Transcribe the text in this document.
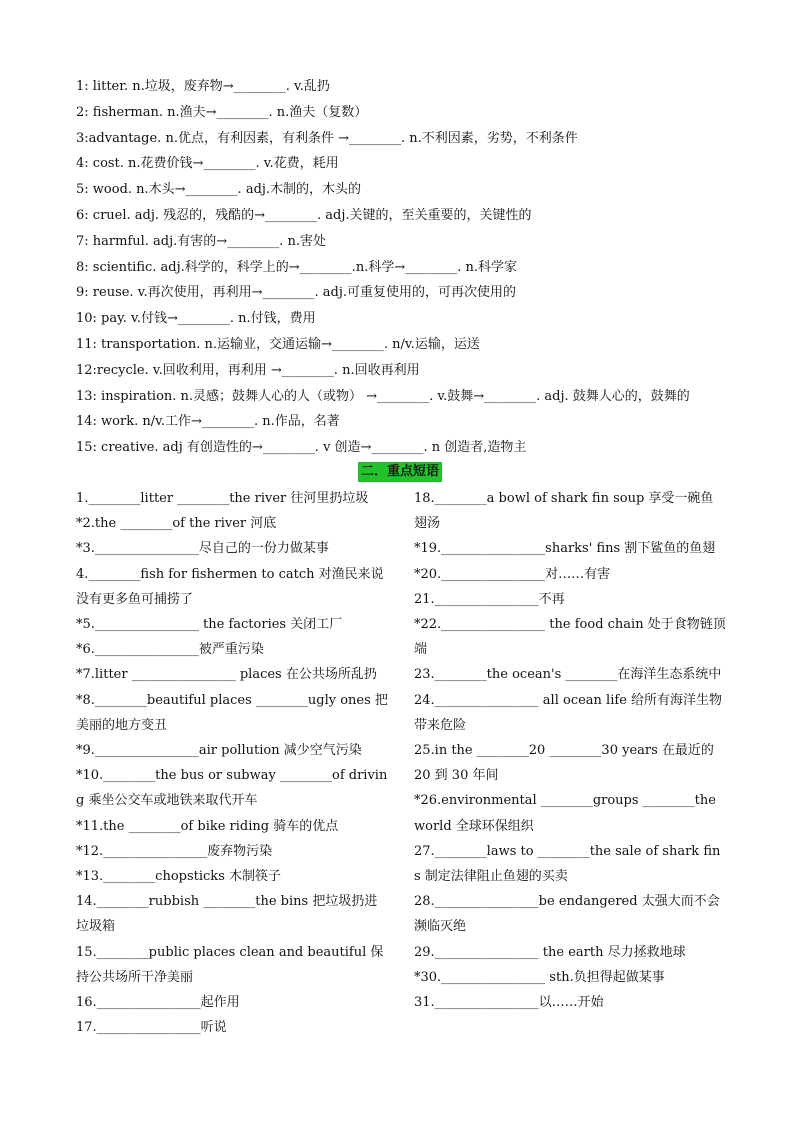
1: litter. n.垃圾，废弃物→________. v.乱扔
2: fisherman. n.渔夫→________. n.渔夫（复数）
3:advantage. n.优点，有利因素，有利条件 →________. n.不利因素，劣势，不利条件
4: cost. n.花费价钱→________. v.花费，耗用
5: wood. n.木头→________. adj.木制的，木头的
6: cruel. adj. 残忍的，残酷的→________. adj.关键的，至关重要的，关键性的
7: harmful. adj.有害的→________. n.害处
8: scientific. adj.科学的，科学上的→________.n.科学→________. n.科学家
9: reuse. v.再次使用，再利用→________. adj.可重复使用的，可再次使用的
10: pay. v.付钱→________. n.付钱，费用
11: transportation. n.运输业，交通运输→________. n/v.运输，运送
12:recycle. v.回收利用，再利用 →________. n.回收再利用
13: inspiration. n.灵感；鼓舞人心的人（或物） →________. v.鼓舞→________. adj. 鼓舞人心的，鼓舞的
14: work. n/v.工作→________. n.作品，名著
15: creative. adj 有创造性的→________. v 创造→________. n 创造者,造物主
二．重点短语
1.________litter ________the river 往河里扔垃圾
*2.the ________of the river 河底
*3.________________尽自己的一份力做某事
4.________fish for fishermen to catch 对渔民来说没有更多鱼可捕捞了
*5.________________ the factories 关闭工厂
*6.________________被严重污染
*7.litter ________________ places 在公共场所乱扔
*8.________beautiful places ________ugly ones 把美丽的地方变丑
*9.________________air pollution 减少空气污染
*10.________the bus or subway ________of driving 乘坐公交车或地铁来取代开车
*11.the ________of bike riding 骑车的优点
*12.________________废弃物污染
*13.________chopsticks 木制筷子
14.________rubbish ________the bins 把垃圾扔进垃圾箱
15.________public places clean and beautiful 保持公共场所干净美丽
16.________________起作用
17.________________听说
18.________a bowl of shark fin soup 享受一碗鱼翅汤
*19.________________sharks' fins 割下鲨鱼的鱼翅
*20.________________对……有害
21.________________不再
*22.________________ the food chain 处于食物链顶端
23.________the ocean's ________在海洋生态系统中
24.________________ all ocean life 给所有海洋生物带来危险
25.in the ________20 ________30 years 在最近的 20 到 30 年间
*26.environmental ________groups ________the world 全球环保组织
27.________laws to ________the sale of shark fins 制定法律阻止鱼翅的买卖
28.________________be endangered 太强大而不会濒临灭绝
29.________________ the earth 尽力拯救地球
*30.________________ sth.负担得起做某事
31.________________以……开始
